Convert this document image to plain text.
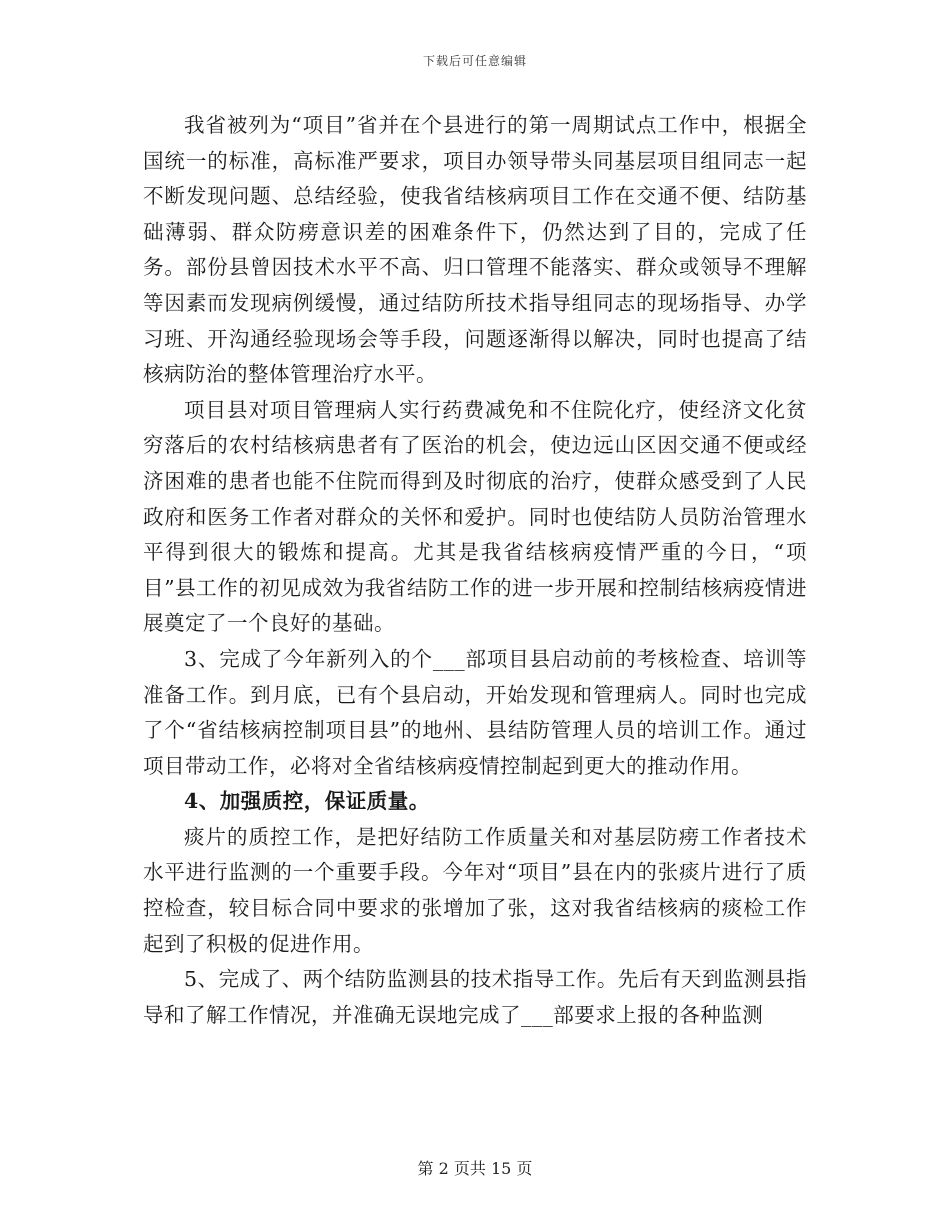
下载后可任意编辑

我省被列为“项目”省并在个县进行的第一周期试点工作中，根据全国统一的标准，高标准严要求，项目办领导带头同基层项目组同志一起不断发现问题、总结经验，使我省结核病项目工作在交通不便、结防基础薄弱、群众防痨意识差的困难条件下，仍然达到了目的，完成了任务。部份县曾因技术水平不高、归口管理不能落实、群众或领导不理解等因素而发现病例缓慢，通过结防所技术指导组同志的现场指导、办学习班、开沟通经验现场会等手段，问题逐渐得以解决，同时也提高了结核病防治的整体管理治疗水平。

项目县对项目管理病人实行药费减免和不住院化疗，使经济文化贫穷落后的农村结核病患者有了医治的机会，使边远山区因交通不便或经济困难的患者也能不住院而得到及时彻底的治疗，使群众感受到了人民政府和医务工作者对群众的关怀和爱护。同时也使结防人员防治管理水平得到很大的锻炼和提高。尤其是我省结核病疫情严重的今日，“项目”县工作的初见成效为我省结防工作的进一步开展和控制结核病疫情进展奠定了一个良好的基础。

3、完成了今年新列入的个___部项目县启动前的考核检查、培训等准备工作。到月底，已有个县启动，开始发现和管理病人。同时也完成了个“省结核病控制项目县”的地州、县结防管理人员的培训工作。通过项目带动工作，必将对全省结核病疫情控制起到更大的推动作用。

4、加强质控，保证质量。

痰片的质控工作，是把好结防工作质量关和对基层防痨工作者技术水平进行监测的一个重要手段。今年对“项目”县在内的张痰片进行了质控检查，较目标合同中要求的张增加了张，这对我省结核病的痰检工作起到了积极的促进作用。

5、完成了、两个结防监测县的技术指导工作。先后有天到监测县指导和了解工作情况，并准确无误地完成了___部要求上报的各种监测

第 2 页共 15 页
